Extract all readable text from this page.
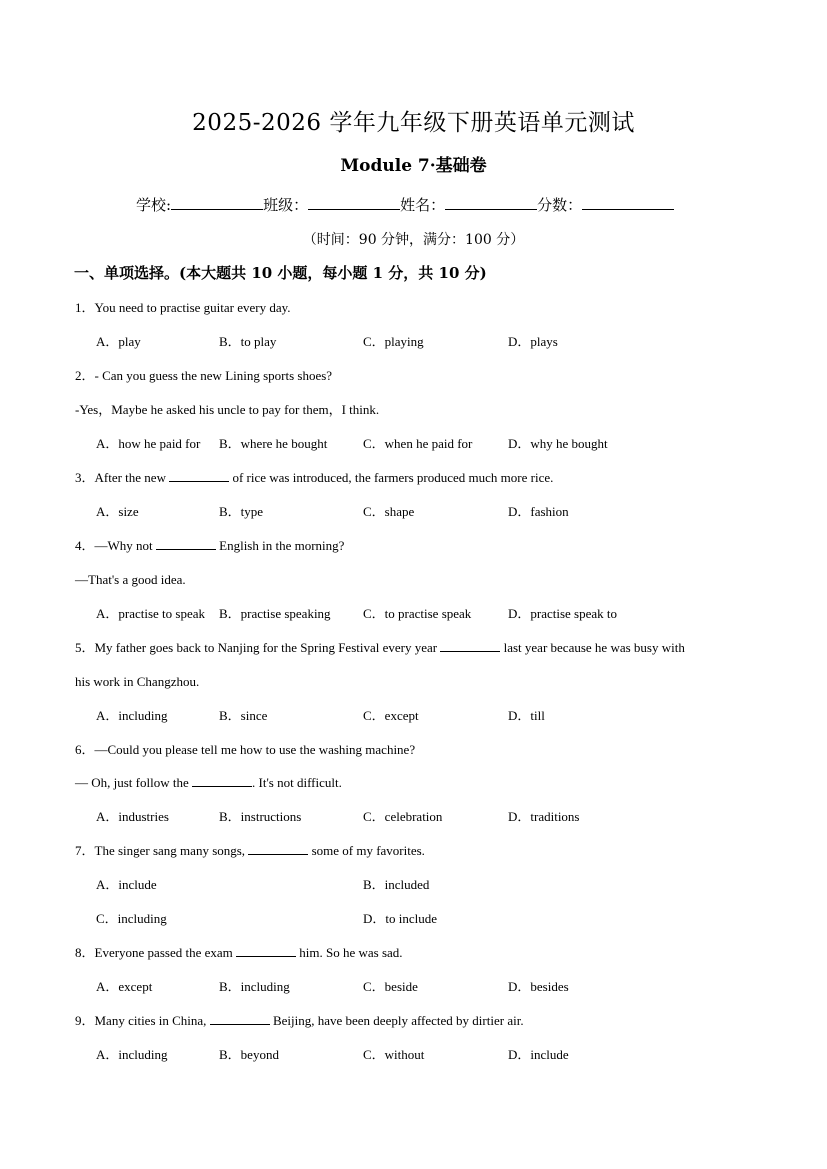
2025-2026 学年九年级下册英语单元测试
Module 7·基础卷
学校:	班级：	姓名：	分数：
（时间：90 分钟，满分：100 分）
一、单项选择。(本大题共 10 小题，每小题 1 分，共 10 分)
1．You need to practise guitar every day.
A．play	B．to play	C．playing	D．plays
2．- Can you guess the new Lining sports shoes?
-Yes，Maybe he asked his uncle to pay for them，I think.
A．how he paid for B．where he bought	C．when he paid for	D．why he bought
3．After the new	of rice was introduced, the farmers produced much more rice.
A．size	B．type	C．shape	D．fashion
4．—Why not	English in the morning?
—That's a good idea.
A．practise to speak B．practise speaking C．to practise speak	D．practise speak to
5．My father goes back to Nanjing for the Spring Festival every year	last year because he was busy with
his work in Changzhou.
A．including	B．since	C．except	D．till
6．—Could you please tell me how to use the washing machine?
— Oh, just follow the	. It's not difficult.
A．industries	B．instructions	C．celebration	D．traditions
7．The singer sang many songs,	some of my favorites.
A．include	B．included
C．including	D．to include
8．Everyone passed the exam	him. So he was sad.
A．except	B．including	C．beside	D．besides
9．Many cities in China,	Beijing, have been deeply affected by dirtier air.
A．including	B．beyond	C．without	D．include
